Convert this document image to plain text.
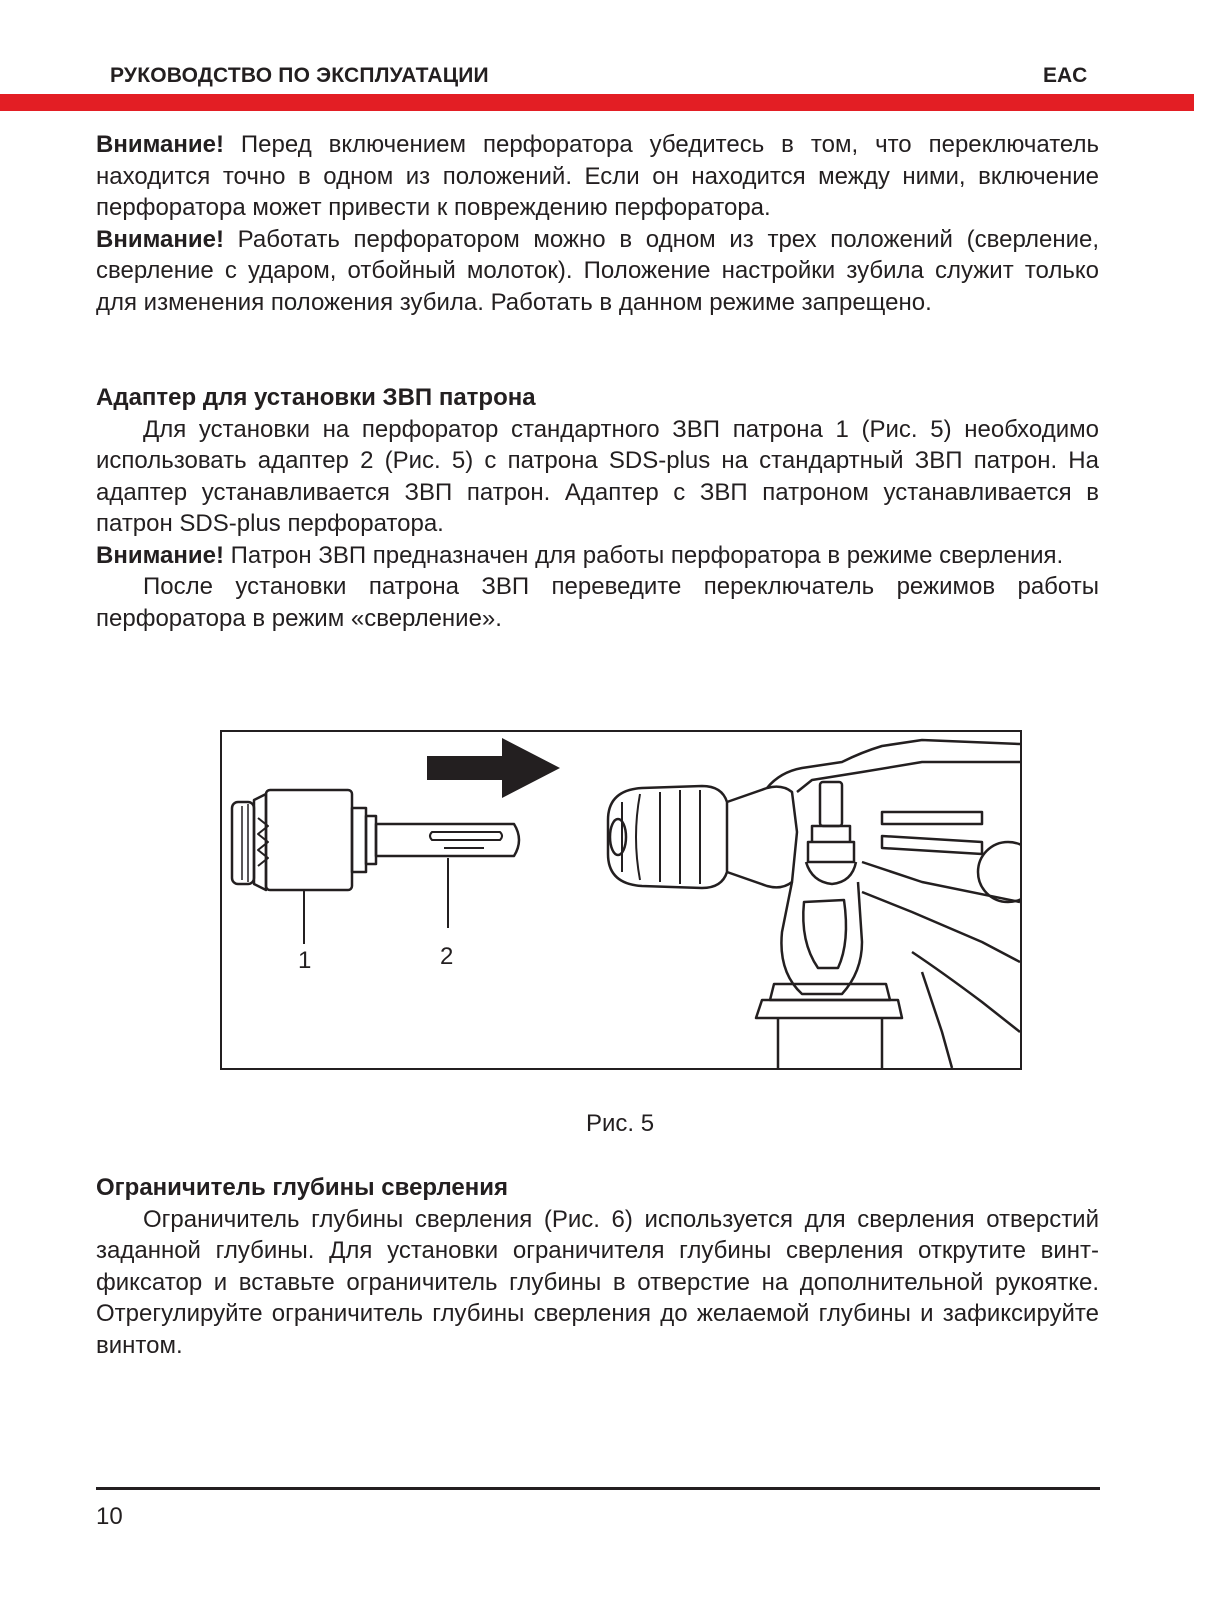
РУКОВОДСТВО ПО ЭКСПЛУАТАЦИИ	EAC

Внимание! Перед включением перфоратора убедитесь в том, что переключатель находится точно в одном из положений. Если он находится между ними, включение перфоратора может привести к повреждению перфоратора.

Внимание! Работать перфоратором можно в одном из трех положений (сверление, сверление с ударом, отбойный молоток). Положение настройки зубила служит только для изменения положения зубила. Работать в данном режиме запрещено.

Адаптер для установки ЗВП патрона

Для установки на перфоратор стандартного ЗВП патрона 1 (Рис. 5) необходимо использовать адаптер 2 (Рис. 5) с патрона SDS-plus на стандартный ЗВП патрон. На адаптер устанавливается ЗВП патрон. Адаптер с ЗВП патроном устанавливается в патрон SDS-plus перфоратора.

Внимание! Патрон ЗВП предназначен для работы перфоратора в режиме сверления.

После установки патрона ЗВП переведите переключатель режимов работы перфоратора в режим «сверление».

1	2
Рис. 5

Ограничитель глубины сверления

Ограничитель глубины сверления (Рис. 6) используется для сверления отверстий заданной глубины. Для установки ограничителя глубины сверления открутите винт-фиксатор и вставьте ограничитель глубины в отверстие на дополнительной рукоятке. Отрегулируйте ограничитель глубины сверления до желаемой глубины и зафиксируйте винтом.

10
